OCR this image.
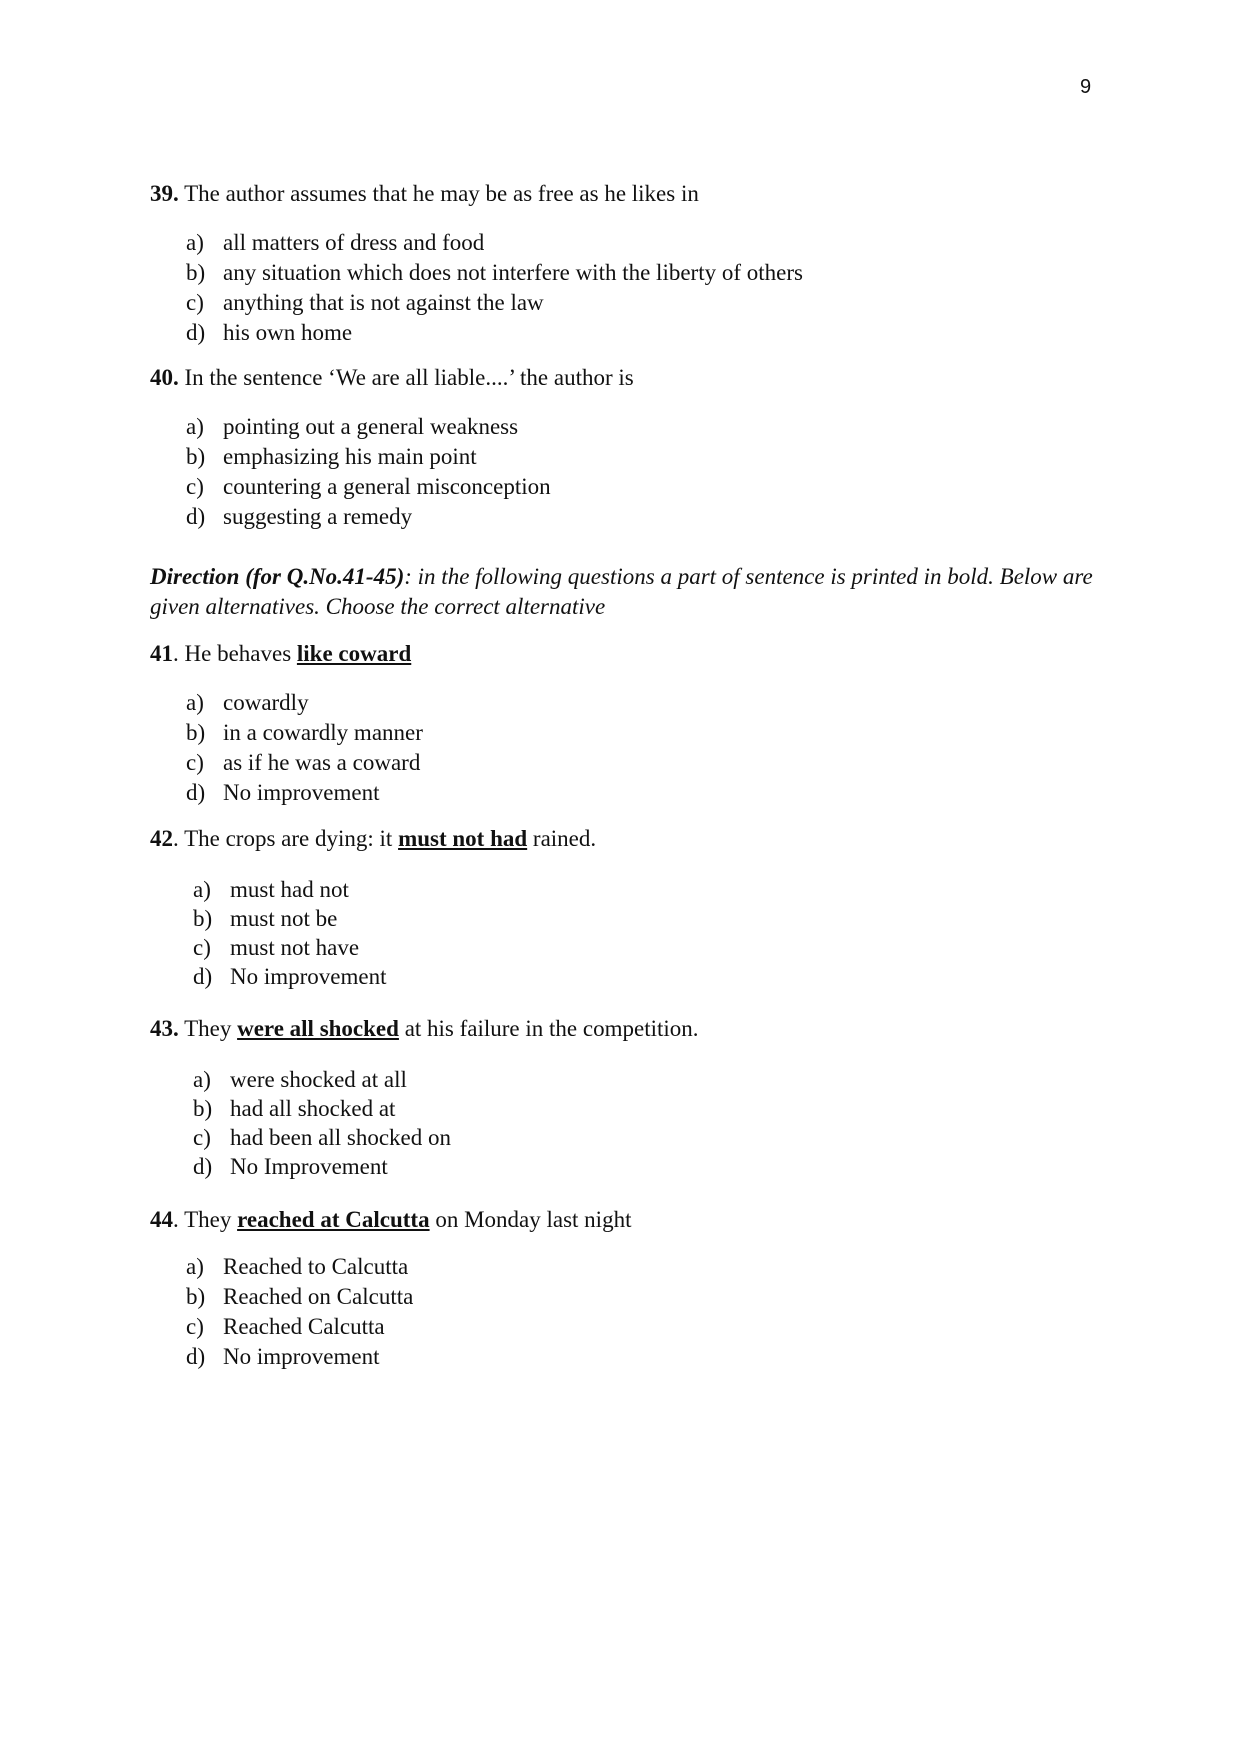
9

39. The author assumes that he may be as free as he likes in

a) all matters of dress and food
b) any situation which does not interfere with the liberty of others
c) anything that is not against the law
d) his own home

40. In the sentence ‘We are all liable....’ the author is

a) pointing out a general weakness
b) emphasizing his main point
c) countering a general misconception
d) suggesting a remedy

Direction (for Q.No.41-45): in the following questions a part of sentence is printed in bold. Below are given alternatives. Choose the correct alternative

41. He behaves like coward

a) cowardly
b) in a cowardly manner
c) as if he was a coward
d) No improvement

42. The crops are dying: it must not had rained.

a) must had not
b) must not be
c) must not have
d) No improvement

43. They were all shocked at his failure in the competition.

a) were shocked at all
b) had all shocked at
c) had been all shocked on
d) No Improvement

44. They reached at Calcutta on Monday last night

a) Reached to Calcutta
b) Reached on Calcutta
c) Reached Calcutta
d) No improvement
